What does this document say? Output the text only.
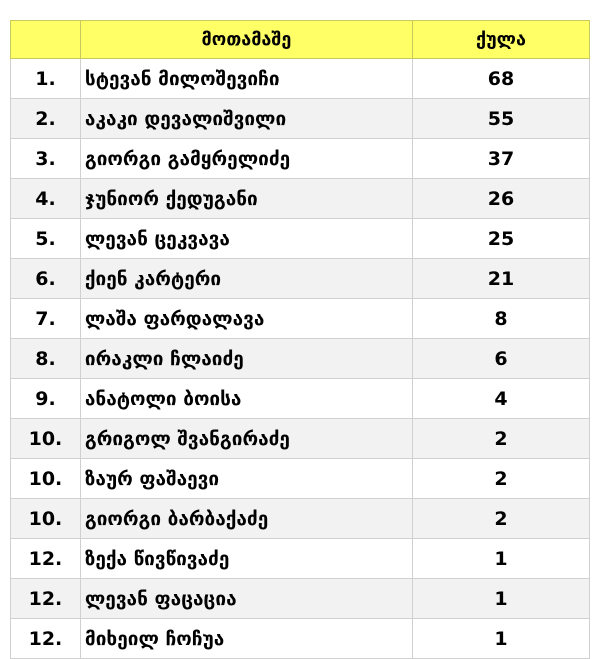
	მოთამაშე	ქულა
1.	სტევან მილოშევიჩი	68
2.	აკაკი დევალიშვილი	55
3.	გიორგი გამყრელიძე	37
4.	ჯუნიორ ქედუგანი	26
5.	ლევან ცეკვავა	25
6.	ქიენ კარტერი	21
7.	ლაშა ფარდალავა	8
8.	ირაკლი ჩლაიძე	6
9.	ანატოლი ბოისა	4
10.	გრიგოლ შვანგირაძე	2
10.	ზაურ ფაშაევი	2
10.	გიორგი ბარბაქაძე	2
12.	ზექა წივწივაძე	1
12.	ლევან ფაცაცია	1
12.	მიხეილ ჩოჩუა	1
